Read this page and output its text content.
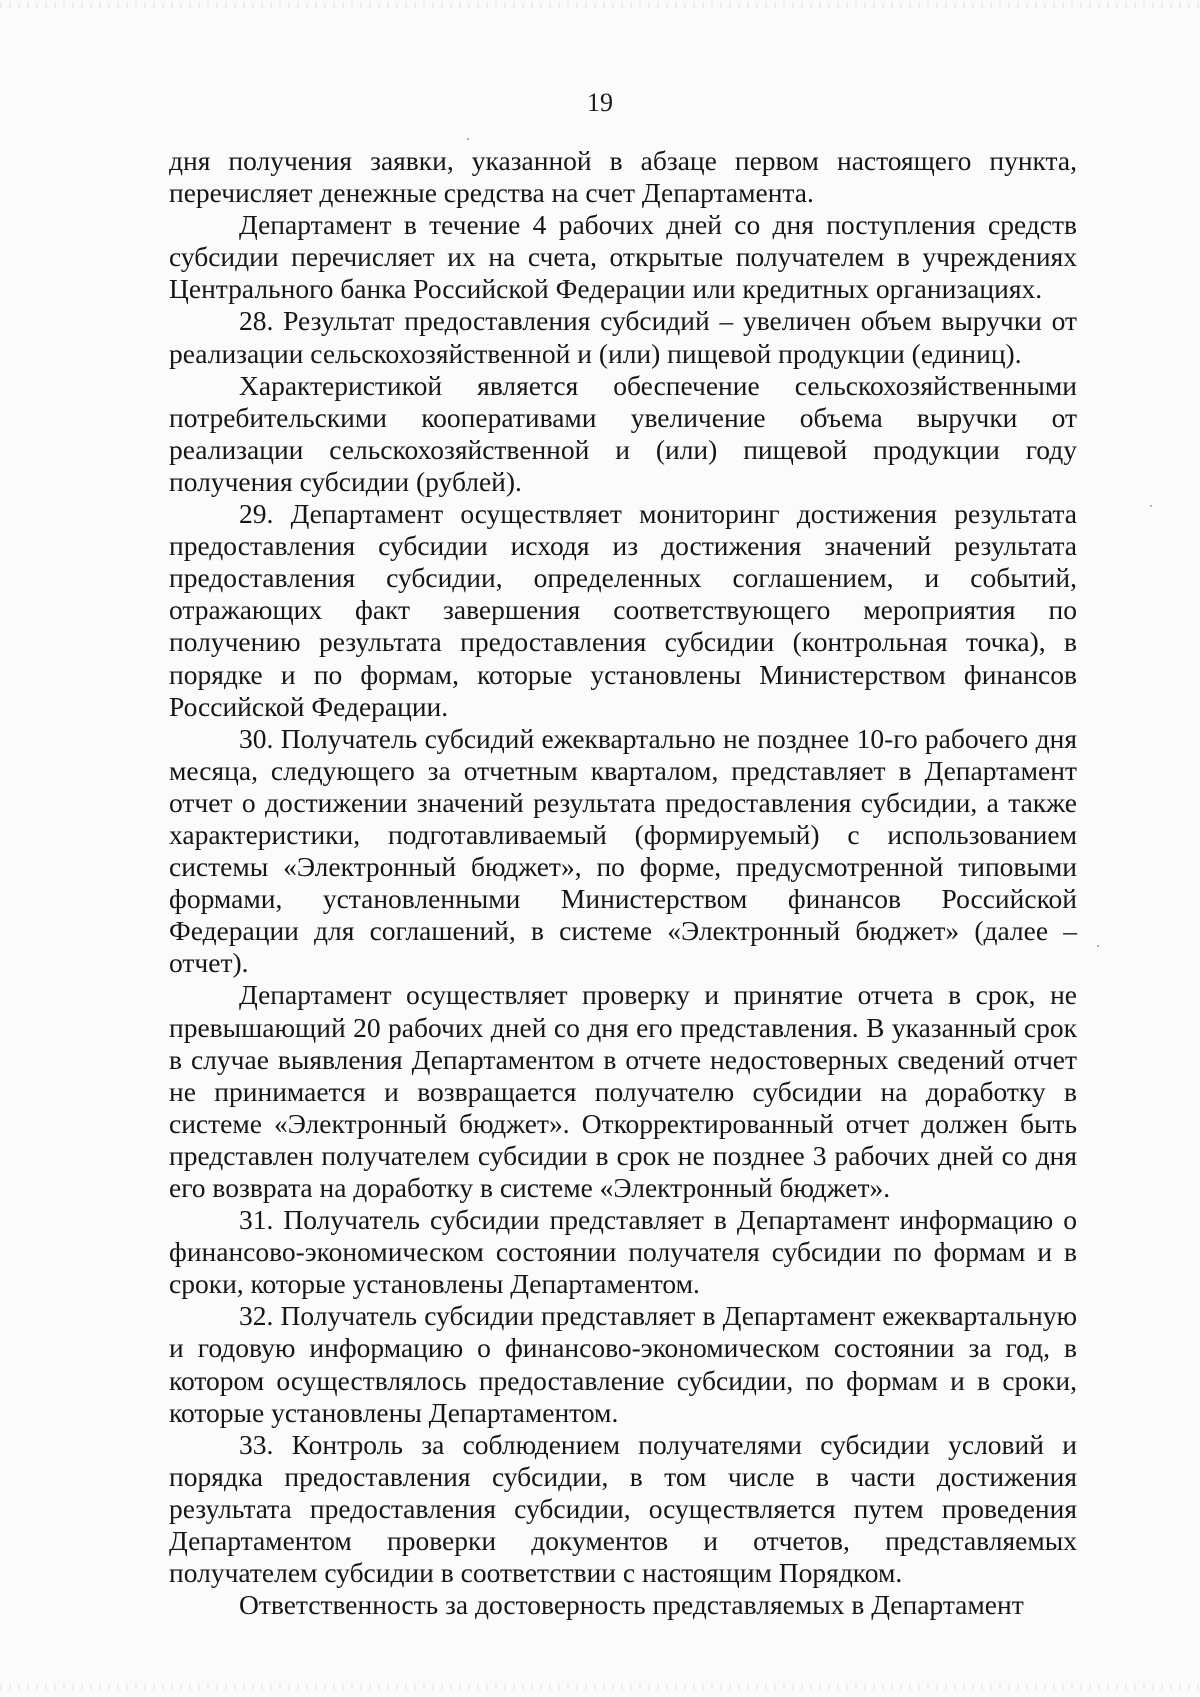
19

дня получения заявки, указанной в абзаце первом настоящего пункта, перечисляет денежные средства на счет Департамента.

Департамент в течение 4 рабочих дней со дня поступления средств субсидии перечисляет их на счета, открытые получателем в учреждениях Центрального банка Российской Федерации или кредитных организациях.

28. Результат предоставления субсидий – увеличен объем выручки от реализации сельскохозяйственной и (или) пищевой продукции (единиц).

Характеристикой является обеспечение сельскохозяйственными потребительскими кооперативами увеличение объема выручки от реализации сельскохозяйственной и (или) пищевой продукции году получения субсидии (рублей).

29. Департамент осуществляет мониторинг достижения результата предоставления субсидии исходя из достижения значений результата предоставления субсидии, определенных соглашением, и событий, отражающих факт завершения соответствующего мероприятия по получению результата предоставления субсидии (контрольная точка), в порядке и по формам, которые установлены Министерством финансов Российской Федерации.

30. Получатель субсидий ежеквартально не позднее 10-го рабочего дня месяца, следующего за отчетным кварталом, представляет в Департамент отчет о достижении значений результата предоставления субсидии, а также характеристики, подготавливаемый (формируемый) с использованием системы «Электронный бюджет», по форме, предусмотренной типовыми формами, установленными Министерством финансов Российской Федерации для соглашений, в системе «Электронный бюджет» (далее – отчет).

Департамент осуществляет проверку и принятие отчета в срок, не превышающий 20 рабочих дней со дня его представления. В указанный срок в случае выявления Департаментом в отчете недостоверных сведений отчет не принимается и возвращается получателю субсидии на доработку в системе «Электронный бюджет». Откорректированный отчет должен быть представлен получателем субсидии в срок не позднее 3 рабочих дней со дня его возврата на доработку в системе «Электронный бюджет».

31. Получатель субсидии представляет в Департамент информацию о финансово-экономическом состоянии получателя субсидии по формам и в сроки, которые установлены Департаментом.

32. Получатель субсидии представляет в Департамент ежеквартальную и годовую информацию о финансово-экономическом состоянии за год, в котором осуществлялось предоставление субсидии, по формам и в сроки, которые установлены Департаментом.

33. Контроль за соблюдением получателями субсидии условий и порядка предоставления субсидии, в том числе в части достижения результата предоставления субсидии, осуществляется путем проведения Департаментом проверки документов и отчетов, представляемых получателем субсидии в соответствии с настоящим Порядком.

Ответственность за достоверность представляемых в Департамент
